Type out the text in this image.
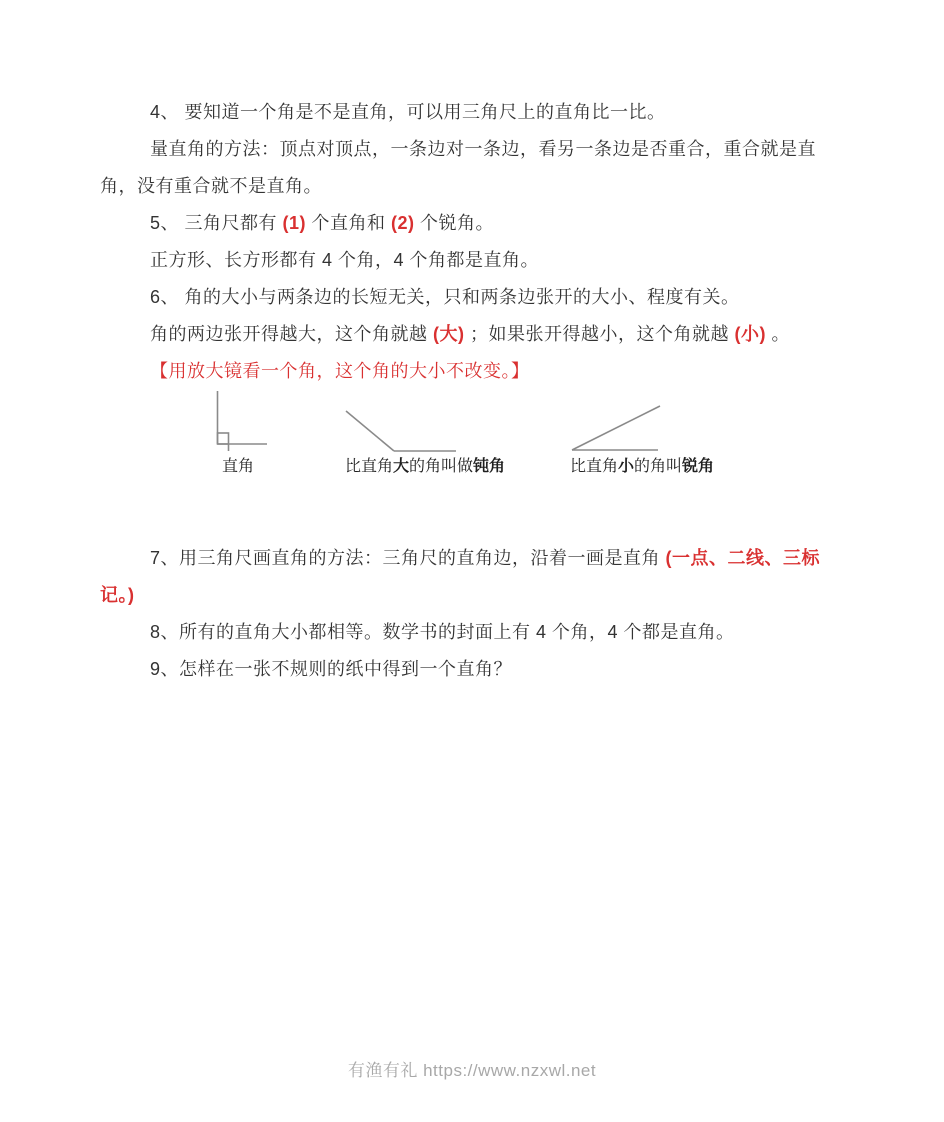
4、 要知道一个角是不是直角，可以用三角尺上的直角比一比。

量直角的方法：顶点对顶点，一条边对一条边，看另一条边是否重合，重合就是直角，没有重合就不是直角。

5、 三角尺都有 (1) 个直角和 (2) 个锐角。

正方形、长方形都有 4 个角，4 个角都是直角。

6、 角的大小与两条边的长短无关，只和两条边张开的大小、程度有关。

角的两边张开得越大，这个角就越 (大) ；如果张开得越小，这个角就越 (小) 。

【用放大镜看一个角，这个角的大小不改变。】

直角	比直角大的角叫做钝角	比直角小的角叫锐角

7、用三角尺画直角的方法：三角尺的直角边，沿着一画是直角 (一点、二线、三标记。)

8、所有的直角大小都相等。数学书的封面上有 4 个角，4 个都是直角。

9、怎样在一张不规则的纸中得到一个直角？

有渔有礼 https://www.nzxwl.net
